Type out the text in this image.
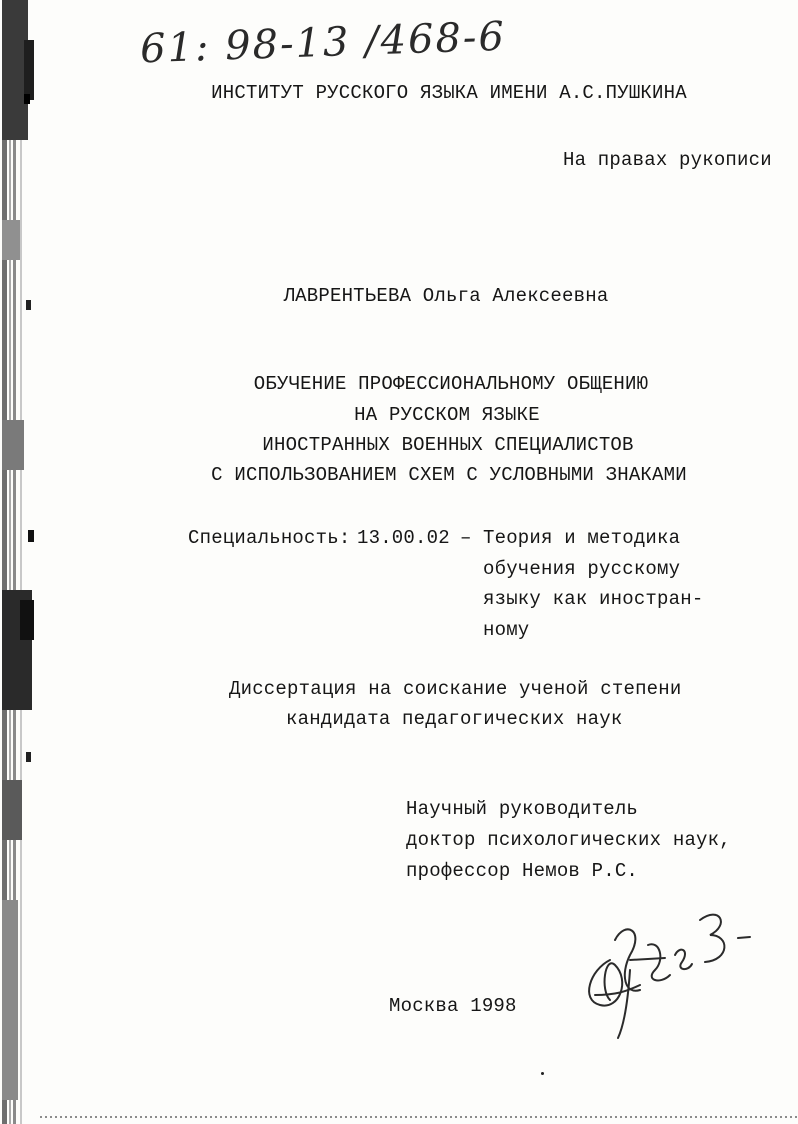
61: 98-13 /468-6
ИНСТИТУТ РУССКОГО ЯЗЫКА ИМЕНИ А.С.ПУШКИНА
На правах рукописи
ЛАВРЕНТЬЕВА Ольга Алексеевна
ОБУЧЕНИЕ ПРОФЕССИОНАЛЬНОМУ ОБЩЕНИЮ
НА РУССКОМ ЯЗЫКЕ
ИНОСТРАННЫХ ВОЕННЫХ СПЕЦИАЛИСТОВ
С ИСПОЛЬЗОВАНИЕМ СХЕМ С УСЛОВНЫМИ ЗНАКАМИ
Специальность: 13.00.02 – Теория и методика
обучения русскому
языку как иностран-
ному
Диссертация на соискание ученой степени
кандидата педагогических наук
Научный руководитель
доктор психологических наук,
профессор Немов Р.С.
Москва 1998
